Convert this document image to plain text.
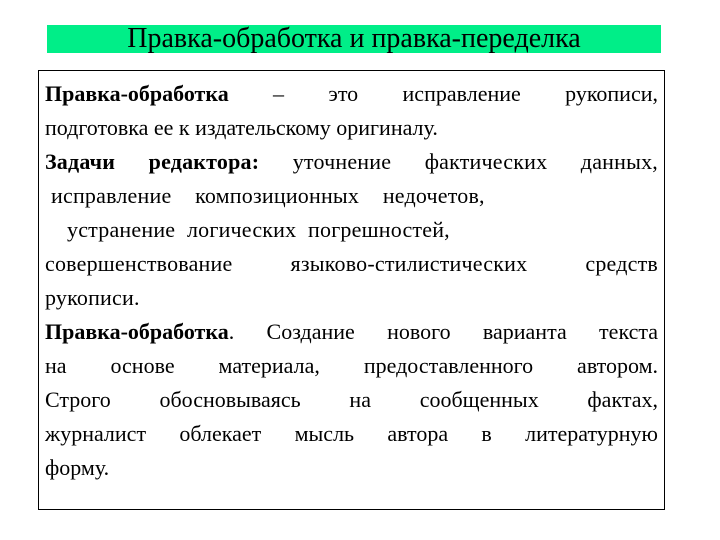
Правка-обработка и правка-переделка
Правка-обработка – это исправление рукописи,
подготовка ее к издательскому оригиналу.
Задачи редактора: уточнение фактических данных,
исправление композиционных недочетов,
устранение логических погрешностей,
совершенствование языково-стилистических средств
рукописи.
Правка-обработка. Создание нового варианта текста
на основе материала, предоставленного автором.
Строго обосновываясь на сообщенных фактах,
журналист облекает мысль автора в литературную
форму.
